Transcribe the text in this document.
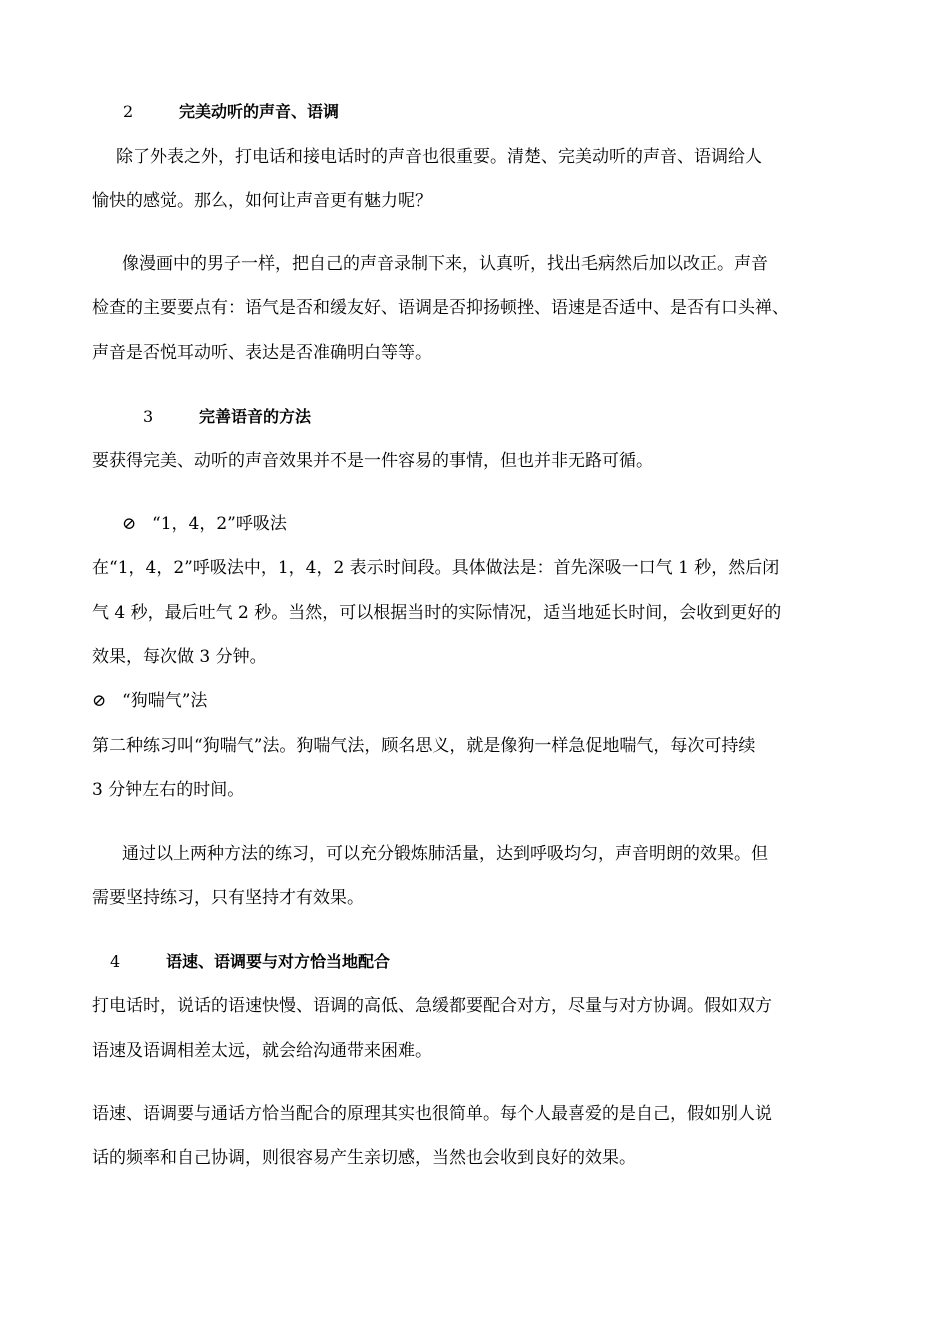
2	完美动听的声音、语调
除了外表之外，打电话和接电话时的声音也很重要。清楚、完美动听的声音、语调给人
愉快的感觉。那么，如何让声音更有魅力呢？
像漫画中的男子一样，把自己的声音录制下来，认真听，找出毛病然后加以改正。声音
检查的主要要点有：语气是否和缓友好、语调是否抑扬顿挫、语速是否适中、是否有口头禅、
声音是否悦耳动听、表达是否准确明白等等。
3	完善语音的方法
要获得完美、动听的声音效果并不是一件容易的事情，但也并非无路可循。
⊘ “1，4，2”呼吸法
在“1，4，2”呼吸法中，1，4，2 表示时间段。具体做法是：首先深吸一口气 1 秒，然后闭
气 4 秒，最后吐气 2 秒。当然，可以根据当时的实际情况，适当地延长时间，会收到更好的
效果，每次做 3 分钟。
⊘ “狗喘气”法
第二种练习叫“狗喘气”法。狗喘气法，顾名思义，就是像狗一样急促地喘气，每次可持续
3 分钟左右的时间。
通过以上两种方法的练习，可以充分锻炼肺活量，达到呼吸均匀，声音明朗的效果。但
需要坚持练习，只有坚持才有效果。
4	语速、语调要与对方恰当地配合
打电话时，说话的语速快慢、语调的高低、急缓都要配合对方，尽量与对方协调。假如双方
语速及语调相差太远，就会给沟通带来困难。
语速、语调要与通话方恰当配合的原理其实也很简单。每个人最喜爱的是自己，假如别人说
话的频率和自己协调，则很容易产生亲切感，当然也会收到良好的效果。
